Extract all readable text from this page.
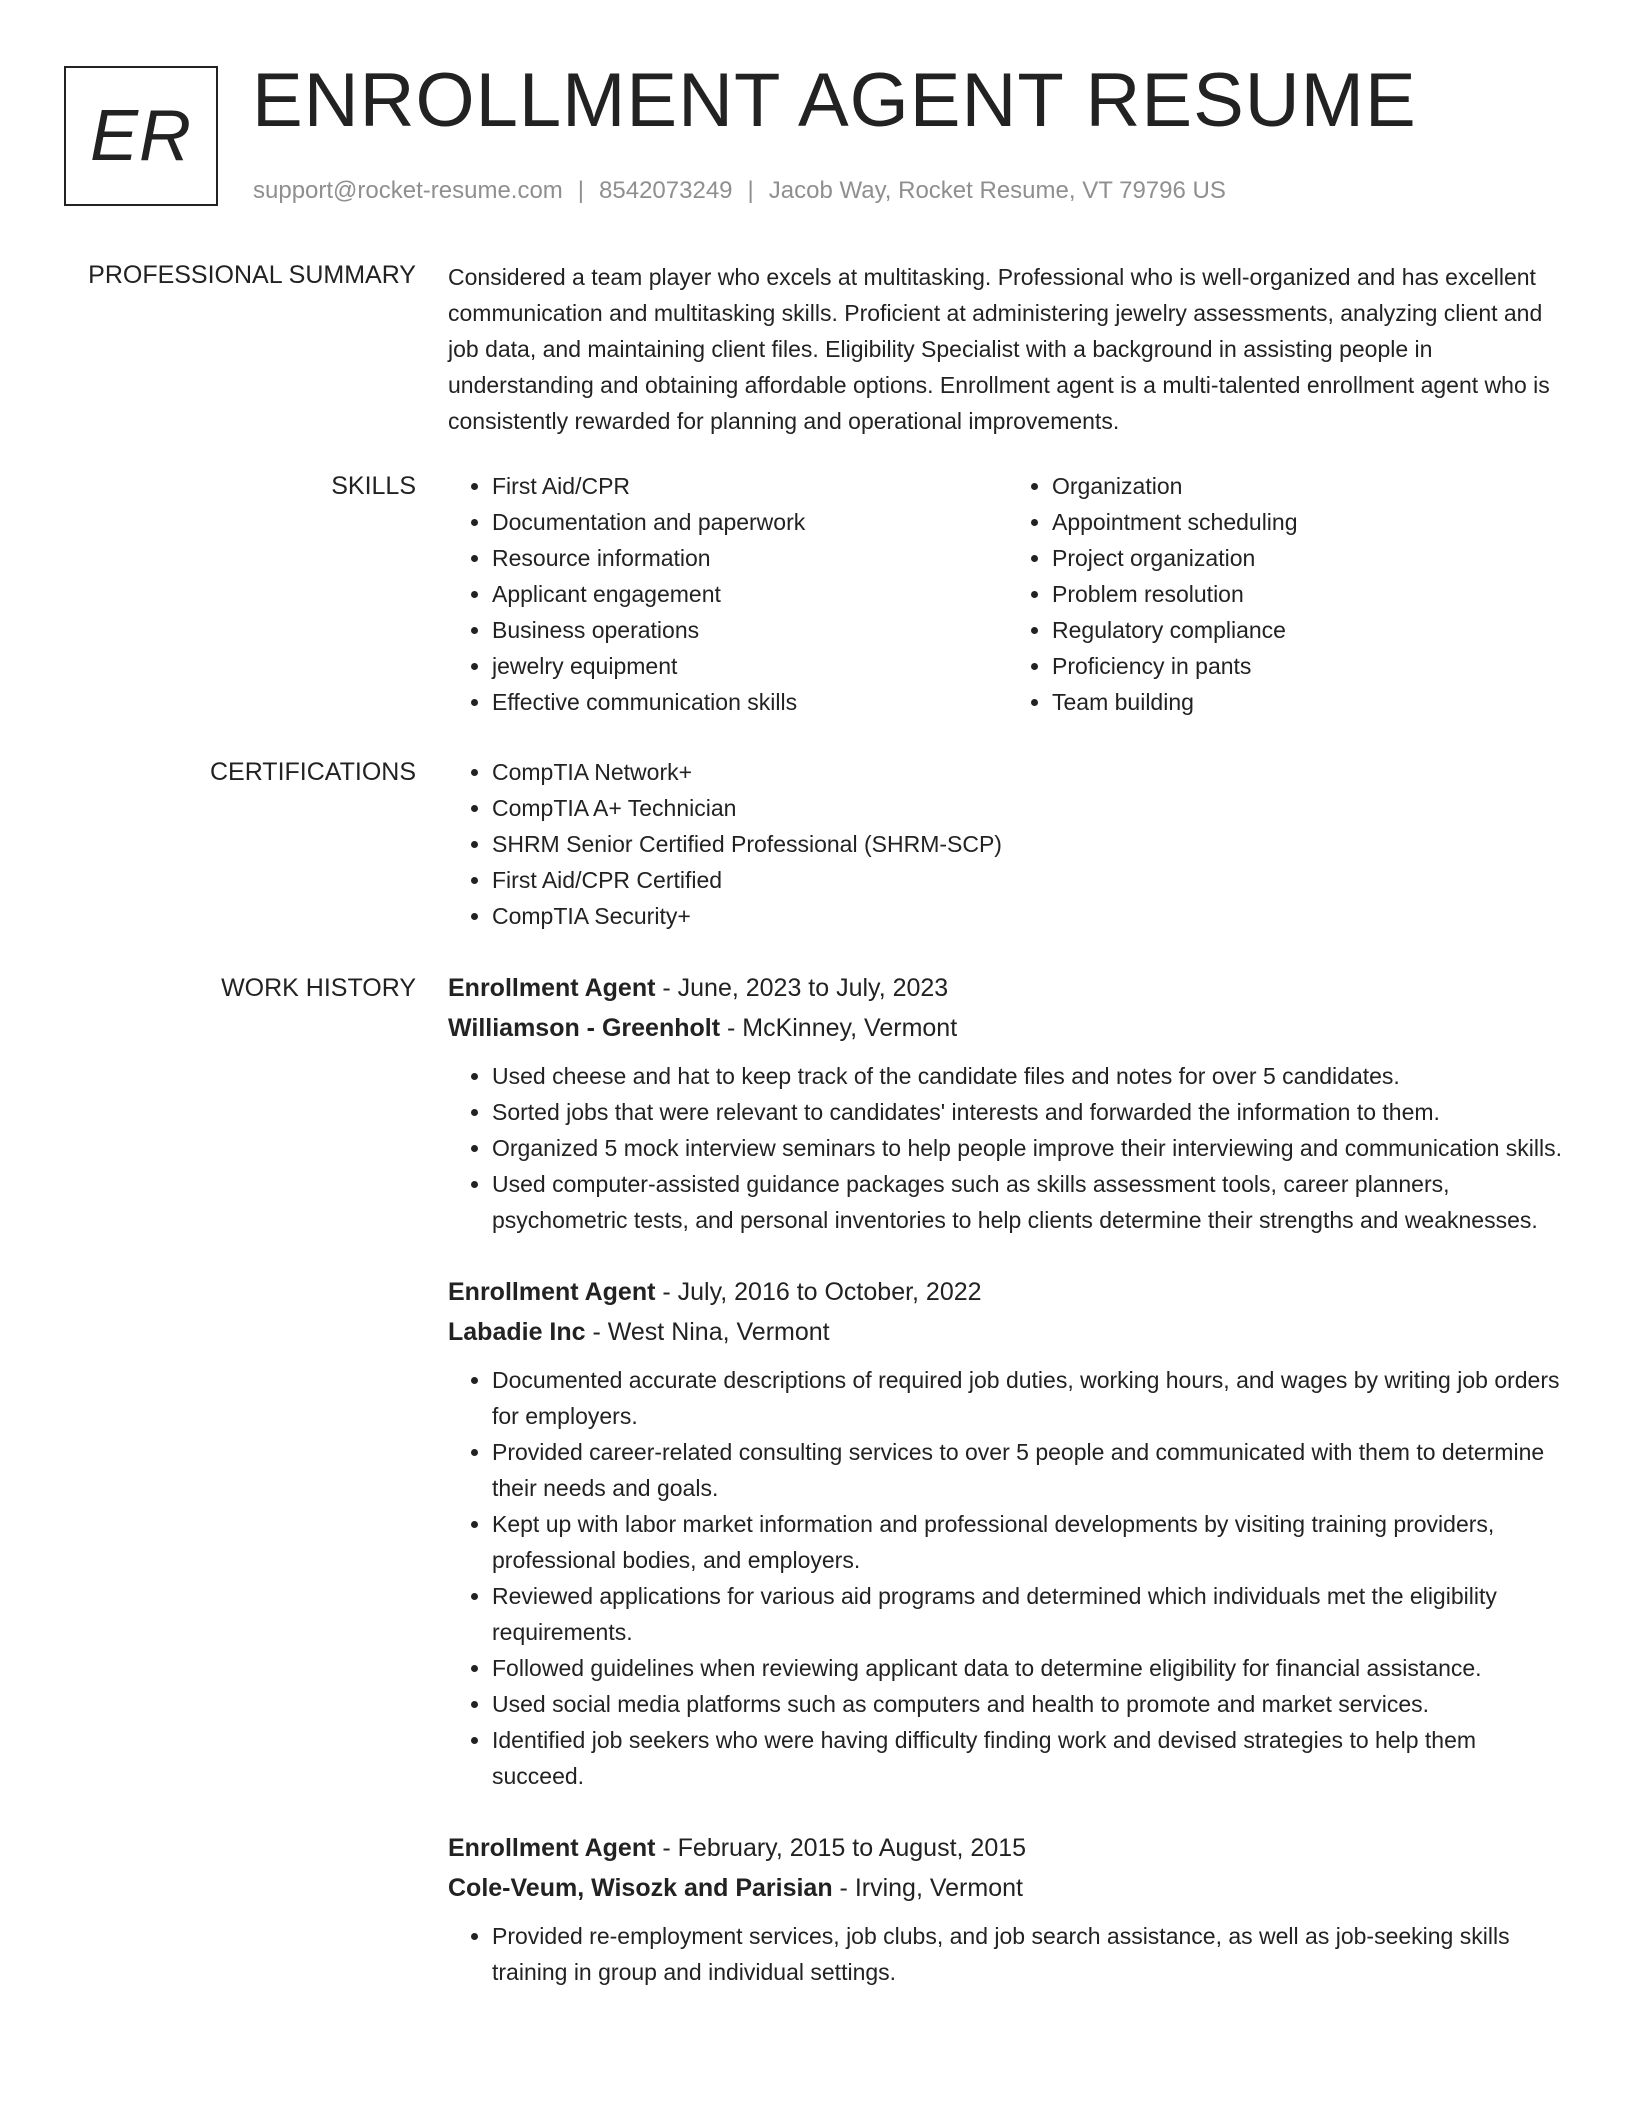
ER ENROLLMENT AGENT RESUME
support@rocket-resume.com | 8542073249 | Jacob Way, Rocket Resume, VT 79796 US
PROFESSIONAL SUMMARY Considered a team player who excels at multitasking. Professional who is well-organized and has excellent communication and multitasking skills. Proficient at administering jewelry assessments, analyzing client and job data, and maintaining client files. Eligibility Specialist with a background in assisting people in understanding and obtaining affordable options. Enrollment agent is a multi-talented enrollment agent who is consistently rewarded for planning and operational improvements.

SKILLS	• First Aid/CPR
• Documentation and paperwork
• Resource information
• Applicant engagement
• Business operations
• jewelry equipment
• Effective communication skills
• Organization
• Appointment scheduling
• Project organization
• Problem resolution
• Regulatory compliance
• Proficiency in pants
• Team building
CERTIFICATIONS	• CompTIA Network+
• CompTIA A+ Technician
• SHRM Senior Certified Professional (SHRM-SCP)
• First Aid/CPR Certified
• CompTIA Security+
WORK HISTORY Enrollment Agent - June, 2023 to July, 2023
Williamson - Greenholt - McKinney, Vermont
• Used cheese and hat to keep track of the candidate files and notes for over 5 candidates.
• Sorted jobs that were relevant to candidates' interests and forwarded the information to them.
• Organized 5 mock interview seminars to help people improve their interviewing and communication skills.
• Used computer-assisted guidance packages such as skills assessment tools, career planners, psychometric tests, and personal inventories to help clients determine their strengths and weaknesses.
Enrollment Agent - July, 2016 to October, 2022
Labadie Inc - West Nina, Vermont
• Documented accurate descriptions of required job duties, working hours, and wages by writing job orders for employers.
• Provided career-related consulting services to over 5 people and communicated with them to determine their needs and goals.
• Kept up with labor market information and professional developments by visiting training providers, professional bodies, and employers.
• Reviewed applications for various aid programs and determined which individuals met the eligibility requirements.
• Followed guidelines when reviewing applicant data to determine eligibility for financial assistance.
• Used social media platforms such as computers and health to promote and market services.
• Identified job seekers who were having difficulty finding work and devised strategies to help them succeed.
Enrollment Agent - February, 2015 to August, 2015
Cole-Veum, Wisozk and Parisian - Irving, Vermont
• Provided re-employment services, job clubs, and job search assistance, as well as job-seeking skills training in group and individual settings.
